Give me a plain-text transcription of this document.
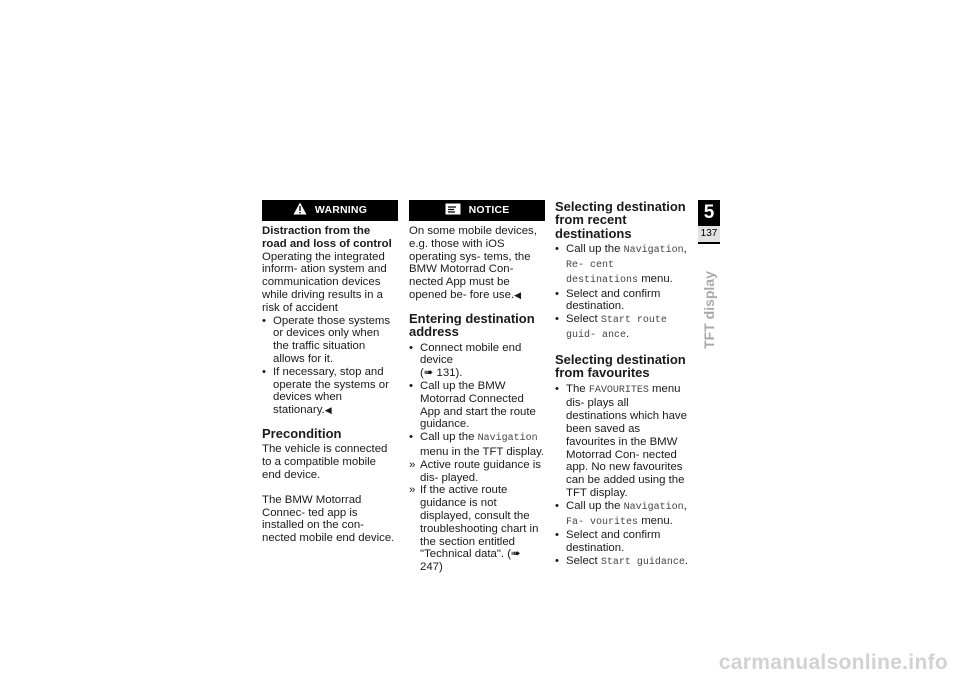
WARNING

Distraction from the road and loss of control

Operating the integrated inform- ation system and communication devices while driving results in a risk of accident

• Operate those systems or devices only when the traffic situation allows for it.
• If necessary, stop and operate the systems or devices when stationary.◀
Precondition

The vehicle is connected to a compatible mobile end device.

The BMW Motorrad Connec- ted app is installed on the con- nected mobile end device.

NOTICE

On some mobile devices, e.g. those with iOS operating sys- tems, the BMW Motorrad Con- nected App must be opened be- fore use.◀

Entering destination address
• Connect mobile end device
(➠ 131).
• Call up the BMW Motorrad Connected App and start the route guidance.
• Call up the Navigation menu in the TFT display.
» Active route guidance is dis- played.
» If the active route guidance is not displayed, consult the troubleshooting chart in the section entitled "Technical data". (➠ 247)
Selecting destination from recent destinations
• Call up the Navigation, Re- cent destinations menu.
• Select and confirm destination.
• Select Start route guid- ance.
Selecting destination from favourites
• The FAVOURITES menu dis- plays all destinations which have been saved as favourites in the BMW Motorrad Con- nected app. No new favourites can be added using the TFT display.
• Call up the Navigation, Fa- vourites menu.
• Select and confirm destination.
• Select Start guidance.
5
137
TFT display
carmanualsonline.info
